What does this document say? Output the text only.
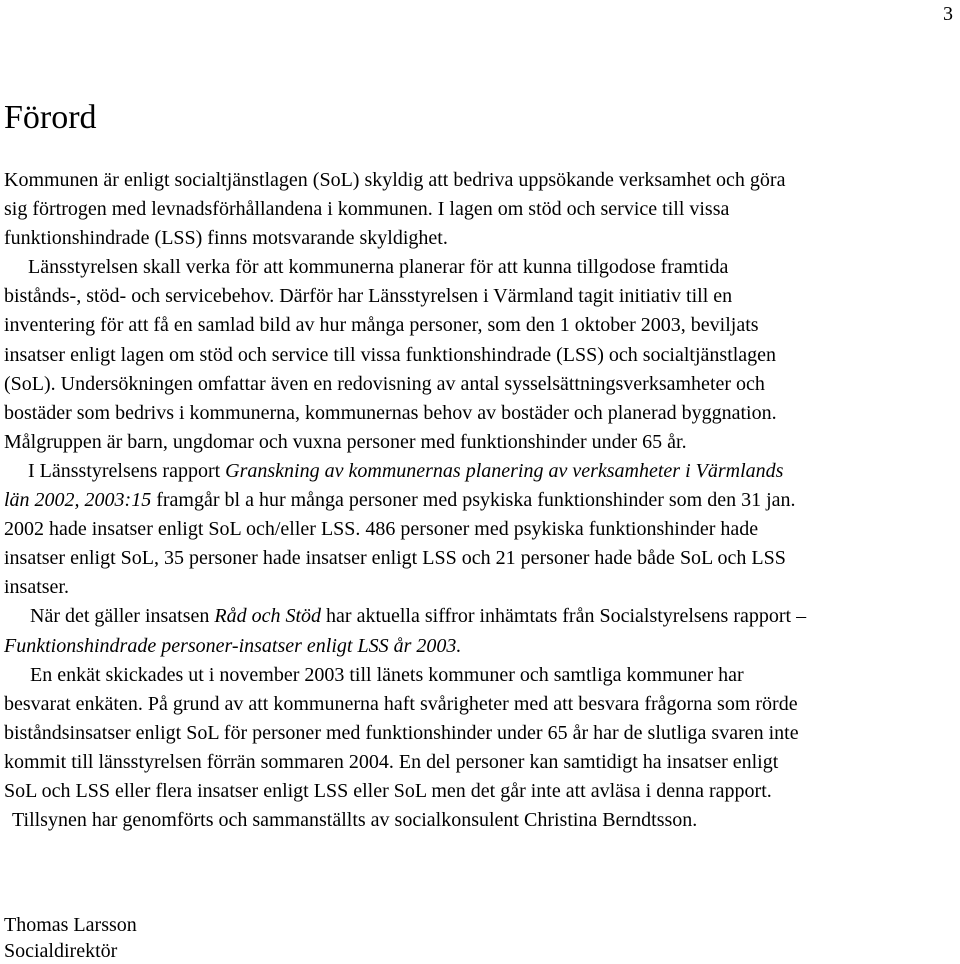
3
Förord

Kommunen är enligt socialtjänstlagen (SoL) skyldig att bedriva uppsökande verksamhet och göra
sig förtrogen med levnadsförhållandena i kommunen. I lagen om stöd och service till vissa
funktionshindrade (LSS) finns motsvarande skyldighet.

Länsstyrelsen skall verka för att kommunerna planerar för att kunna tillgodose framtida
bistånds-, stöd- och servicebehov. Därför har Länsstyrelsen i Värmland tagit initiativ till en
inventering för att få en samlad bild av hur många personer, som den 1 oktober 2003, beviljats
insatser enligt lagen om stöd och service till vissa funktionshindrade (LSS) och socialtjänstlagen
(SoL). Undersökningen omfattar även en redovisning av antal sysselsättningsverksamheter och
bostäder som bedrivs i kommunerna, kommunernas behov av bostäder och planerad byggnation.
Målgruppen är barn, ungdomar och vuxna personer med funktionshinder under 65 år.

I Länsstyrelsens rapport Granskning av kommunernas planering av verksamheter i Värmlands
län 2002, 2003:15 framgår bl a hur många personer med psykiska funktionshinder som den 31 jan.
2002 hade insatser enligt SoL och/eller LSS. 486 personer med psykiska funktionshinder hade
insatser enligt SoL, 35 personer hade insatser enligt LSS och 21 personer hade både SoL och LSS
insatser.

När det gäller insatsen Råd och Stöd har aktuella siffror inhämtats från Socialstyrelsens rapport –
Funktionshindrade personer-insatser enligt LSS år 2003.

En enkät skickades ut i november 2003 till länets kommuner och samtliga kommuner har
besvarat enkäten. På grund av att kommunerna haft svårigheter med att besvara frågorna som rörde
biståndsinsatser enligt SoL för personer med funktionshinder under 65 år har de slutliga svaren inte
kommit till länsstyrelsen förrän sommaren 2004. En del personer kan samtidigt ha insatser enligt
SoL och LSS eller flera insatser enligt LSS eller SoL men det går inte att avläsa i denna rapport.

Tillsynen har genomförts och sammanställts av socialkonsulent Christina Berndtsson.

Thomas Larsson
Socialdirektör
